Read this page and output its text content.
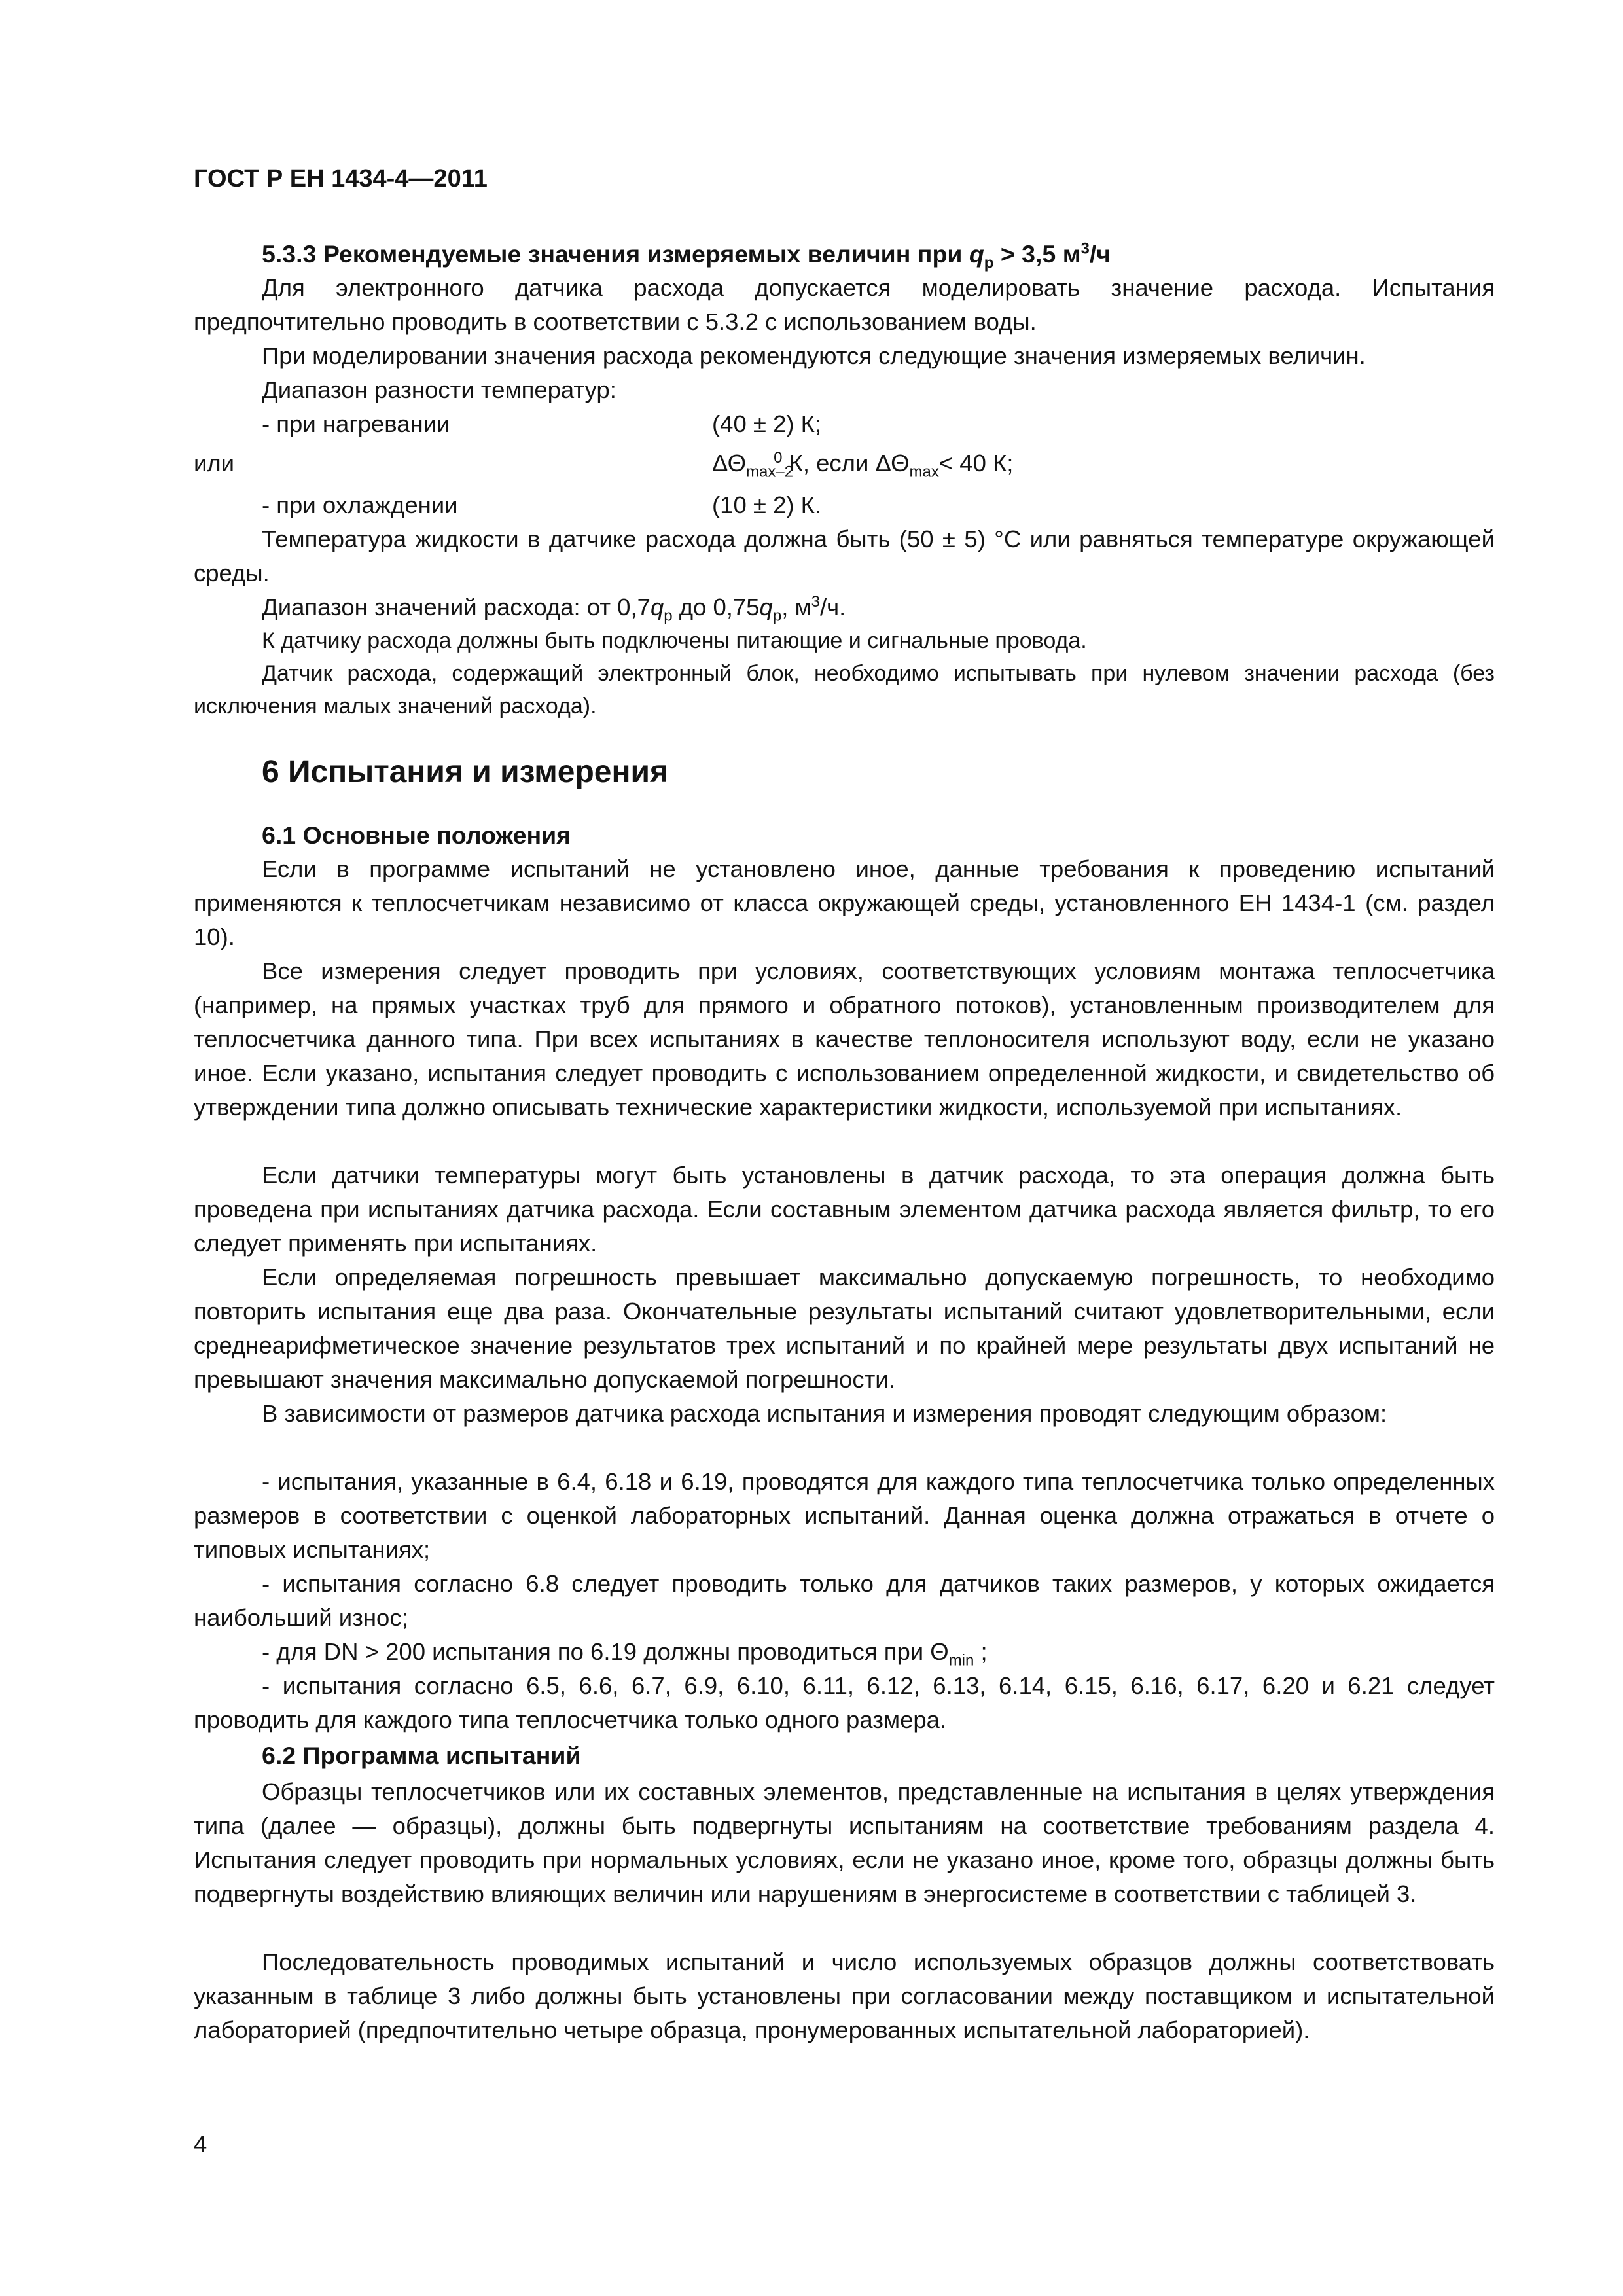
ГОСТ Р ЕН 1434-4—2011
5.3.3 Рекомендуемые значения измеряемых величин при $q_p > 3,5$ $м^3/ч$

Для электронного датчика расхода допускается моделировать значение расхода. Испытания предпочтительно проводить в соответствии с 5.3.2 с использованием воды.

При моделировании значения расхода рекомендуются следующие значения измеряемых величин.

Диапазон разности температур:

- при нагревании	(40 ± 2) К;
или	$\Delta\Theta_{max-2}^0$ К, если $\Delta\Theta_{max}< 40$ К;
- при охлаждении	(10 ± 2) К.

Температура жидкости в датчике расхода должна быть (50 ± 5) °С или равняться температуре окружающей среды.

Диапазон значений расхода: от $0,7q_p$ до $0,75q_p$, $м^3/ч$.

К датчику расхода должны быть подключены питающие и сигнальные провода.

Датчик расхода, содержащий электронный блок, необходимо испытывать при нулевом значении расхода (без исключения малых значений расхода).

6 Испытания и измерения
6.1 Основные положения

Если в программе испытаний не установлено иное, данные требования к проведению испытаний применяются к теплосчетчикам независимо от класса окружающей среды, установленного ЕН 1434-1 (см. раздел 10).

Все измерения следует проводить при условиях, соответствующих условиям монтажа теплосчетчика (например, на прямых участках труб для прямого и обратного потоков), установленным производителем для теплосчетчика данного типа. При всех испытаниях в качестве теплоносителя используют воду, если не указано иное. Если указано, испытания следует проводить с использованием определенной жидкости, и свидетельство об утверждении типа должно описывать технические характеристики жидкости, используемой при испытаниях.

Если датчики температуры могут быть установлены в датчик расхода, то эта операция должна быть проведена при испытаниях датчика расхода. Если составным элементом датчика расхода является фильтр, то его следует применять при испытаниях.

Если определяемая погрешность превышает максимально допускаемую погрешность, то необходимо повторить испытания еще два раза. Окончательные результаты испытаний считают удовлетворительными, если среднеарифметическое значение результатов трех испытаний и по крайней мере результаты двух испытаний не превышают значения максимально допускаемой погрешности.

В зависимости от размеров датчика расхода испытания и измерения проводят следующим образом:

- испытания, указанные в 6.4, 6.18 и 6.19, проводятся для каждого типа теплосчетчика только определенных размеров в соответствии с оценкой лабораторных испытаний. Данная оценка должна отражаться в отчете о типовых испытаниях;

- испытания согласно 6.8 следует проводить только для датчиков таких размеров, у которых ожидается наибольший износ;

- для DN > 200 испытания по 6.19 должны проводиться при $\Theta_{min}$ ;

- испытания согласно 6.5, 6.6, 6.7, 6.9, 6.10, 6.11, 6.12, 6.13, 6.14, 6.15, 6.16, 6.17, 6.20 и 6.21 следует проводить для каждого типа теплосчетчика только одного размера.

6.2 Программа испытаний

Образцы теплосчетчиков или их составных элементов, представленные на испытания в целях утверждения типа (далее — образцы), должны быть подвергнуты испытаниям на соответствие требованиям раздела 4. Испытания следует проводить при нормальных условиях, если не указано иное, кроме того, образцы должны быть подвергнуты воздействию влияющих величин или нарушениям в энергосистеме в соответствии с таблицей 3.

Последовательность проводимых испытаний и число используемых образцов должны соответствовать указанным в таблице 3 либо должны быть установлены при согласовании между поставщиком и испытательной лабораторией (предпочтительно четыре образца, пронумерованных испытательной лабораторией).

4
